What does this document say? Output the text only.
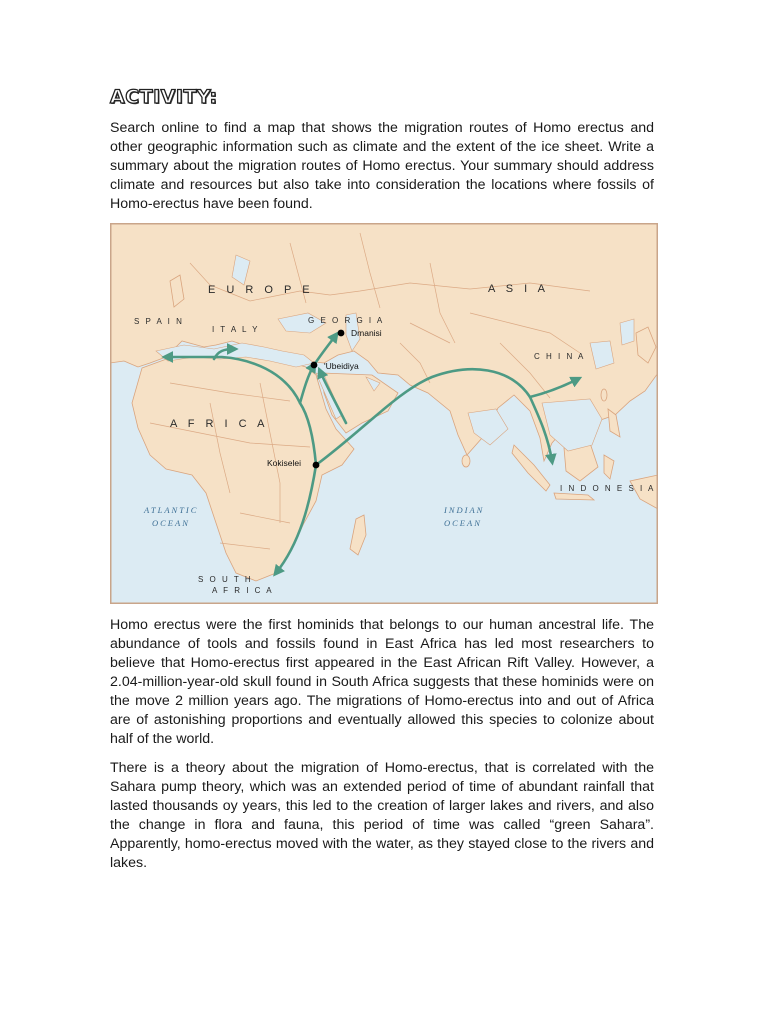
ACTIVITY:

Search online to find a map that shows the migration routes of Homo erectus and other geographic information such as climate and the extent of the ice sheet. Write a summary about the migration routes of Homo erectus. Your summary should address climate and resources but also take into consideration the locations where fossils of Homo-erectus have been found.

E U R O P E	A S I A
A F R I C A
S P A I N
I T A L Y
G E O R G I A
C H I N A
I N D O N E S I A
S O U T H
A F R I C A
Dmanisi
'Ubeidiya
Kokiselei
ATLANTIC
OCEAN
INDIAN
OCEAN

Homo erectus were the first hominids that belongs to our human ancestral life. The abundance of tools and fossils found in East Africa has led most researchers to believe that Homo-erectus first appeared in the East African Rift Valley. However, a 2.04-million-year-old skull found in South Africa suggests that these hominids were on the move 2 million years ago. The migrations of Homo-erectus into and out of Africa are of astonishing proportions and eventually allowed this species to colonize about half of the world.

There is a theory about the migration of Homo-erectus, that is correlated with the Sahara pump theory, which was an extended period of time of abundant rainfall that lasted thousands oy years, this led to the creation of larger lakes and rivers, and also the change in flora and fauna, this period of time was called “green Sahara”. Apparently, homo-erectus moved with the water, as they stayed close to the rivers and lakes.
